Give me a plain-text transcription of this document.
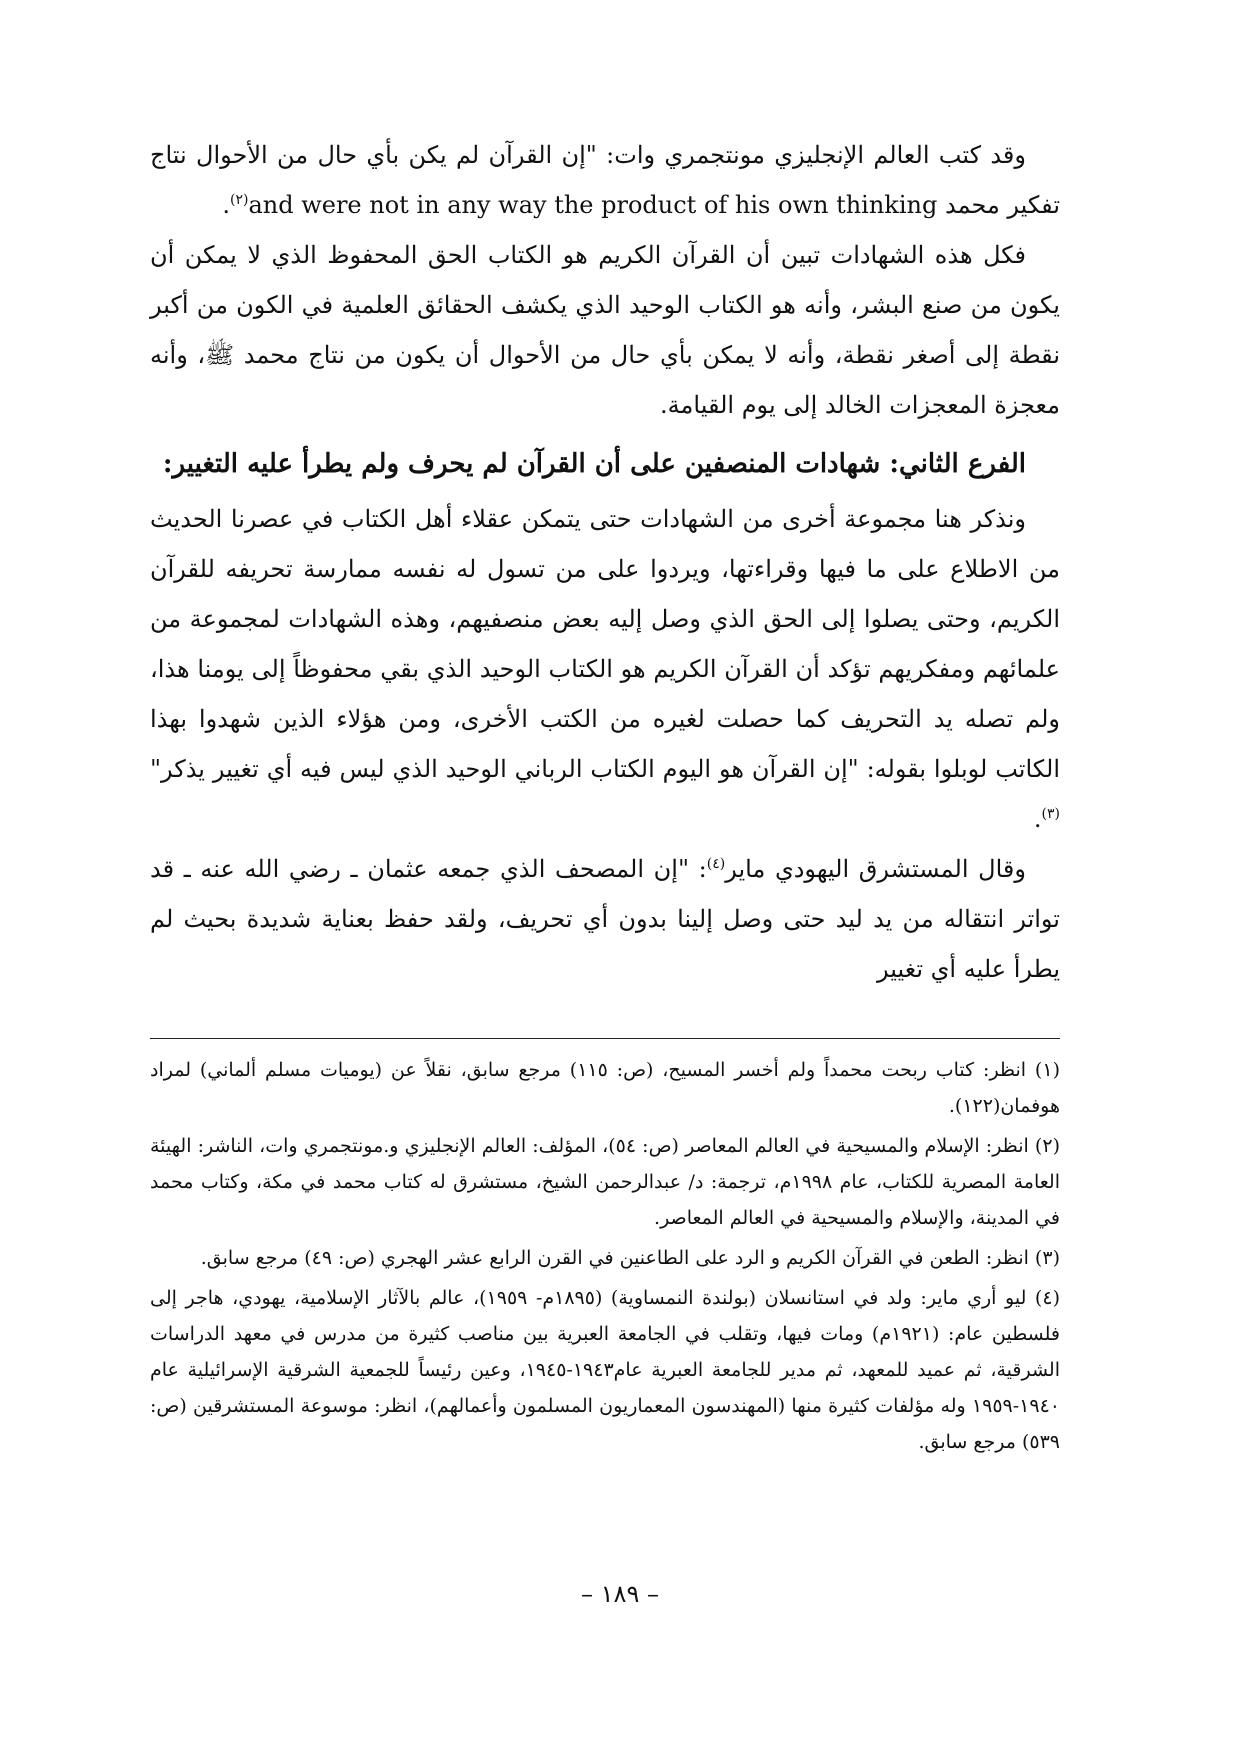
وقد كتب العالم الإنجليزي مونتجمري وات: "إن القرآن لم يكن بأي حال من الأحوال نتاج تفكير محمد and were not in any way the product of his own thinking$^{(٢)}$.

فكل هذه الشهادات تبين أن القرآن الكريم هو الكتاب الحق المحفوظ الذي لا يمكن أن يكون من صنع البشر، وأنه هو الكتاب الوحيد الذي يكشف الحقائق العلمية في الكون من أكبر نقطة إلى أصغر نقطة، وأنه لا يمكن بأي حال من الأحوال أن يكون من نتاج محمد ﷺ، وأنه معجزة المعجزات الخالد إلى يوم القيامة.

الفرع الثاني: شهادات المنصفين على أن القرآن لم يحرف ولم يطرأ عليه التغيير:

ونذكر هنا مجموعة أخرى من الشهادات حتى يتمكن عقلاء أهل الكتاب في عصرنا الحديث من الاطلاع على ما فيها وقراءتها، ويردوا على من تسول له نفسه ممارسة تحريفه للقرآن الكريم، وحتى يصلوا إلى الحق الذي وصل إليه بعض منصفيهم، وهذه الشهادات لمجموعة من علمائهم ومفكريهم تؤكد أن القرآن الكريم هو الكتاب الوحيد الذي بقي محفوظاً إلى يومنا هذا، ولم تصله يد التحريف كما حصلت لغيره من الكتب الأخرى، ومن هؤلاء الذين شهدوا بهذا الكاتب لوبلوا بقوله: "إن القرآن هو اليوم الكتاب الرباني الوحيد الذي ليس فيه أي تغيير يذكر"$^{(٣)}$.

وقال المستشرق اليهودي ماير$^{(٤)}$: "إن المصحف الذي جمعه عثمان ـ رضي الله عنه ـ قد تواتر انتقاله من يد ليد حتى وصل إلينا بدون أي تحريف، ولقد حفظ بعناية شديدة بحيث لم يطرأ عليه أي تغيير

(١) انظر: كتاب ربحت محمداً ولم أخسر المسيح، (ص: ١١٥) مرجع سابق، نقلاً عن (يوميات مسلم ألماني) لمراد هوفمان(١٢٢).

(٢) انظر: الإسلام والمسيحية في العالم المعاصر (ص: ٥٤)، المؤلف: العالم الإنجليزي و.مونتجمري وات، الناشر: الهيئة العامة المصرية للكتاب، عام ١٩٩٨م، ترجمة: د/ عبدالرحمن الشيخ، مستشرق له كتاب محمد في مكة، وكتاب محمد في المدينة، والإسلام والمسيحية في العالم المعاصر.

(٣) انظر: الطعن في القرآن الكريم و الرد على الطاعنين في القرن الرابع عشر الهجري (ص: ٤٩) مرجع سابق.

(٤) ليو أري ماير: ولد في استانسلان (بولندة النمساوية) (١٨٩٥م- ١٩٥٩)، عالم بالآثار الإسلامية، يهودي، هاجر إلى فلسطين عام: (١٩٢١م) ومات فيها، وتقلب في الجامعة العبرية بين مناصب كثيرة من مدرس في معهد الدراسات الشرقية، ثم عميد للمعهد، ثم مدير للجامعة العبرية عام١٩٤٣-١٩٤٥، وعين رئيساً للجمعية الشرقية الإسرائيلية عام ١٩٤٠-١٩٥٩ وله مؤلفات كثيرة منها (المهندسون المعماريون المسلمون وأعمالهم)، انظر: موسوعة المستشرقين (ص: ٥٣٩) مرجع سابق.

– ١٨٩ –
